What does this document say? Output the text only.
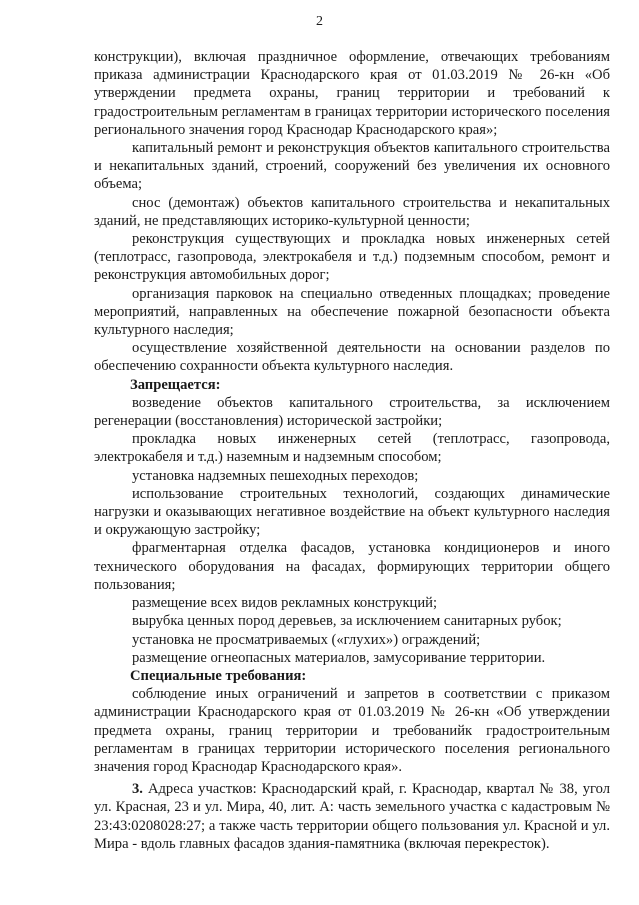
2

конструкции), включая праздничное оформление, отвечающих требованиям приказа администрации Краснодарского края от 01.03.2019 № 26-кн «Об утверждении предмета охраны, границ территории и требований к градостроительным регламентам в границах территории исторического поселения регионального значения город Краснодар Краснодарского края»;

капитальный ремонт и реконструкция объектов капитального строительства и некапитальных зданий, строений, сооружений без увеличения их основного объема;

снос (демонтаж) объектов капитального строительства и некапитальных зданий, не представляющих историко-культурной ценности;

реконструкция существующих и прокладка новых инженерных сетей (теплотрасс, газопровода, электрокабеля и т.д.) подземным способом, ремонт и реконструкция автомобильных дорог;

организация парковок на специально отведенных площадках; проведение мероприятий, направленных на обеспечение пожарной безопасности объекта культурного наследия;

осуществление хозяйственной деятельности на основании разделов по обеспечению сохранности объекта культурного наследия.

Запрещается:

возведение объектов капитального строительства, за исключением регенерации (восстановления) исторической застройки;

прокладка новых инженерных сетей (теплотрасс, газопровода, электрокабеля и т.д.) наземным и надземным способом;

установка надземных пешеходных переходов;

использование строительных технологий, создающих динамические нагрузки и оказывающих негативное воздействие на объект культурного наследия и окружающую застройку;

фрагментарная отделка фасадов, установка кондиционеров и иного технического оборудования на фасадах, формирующих территории общего пользования;

размещение всех видов рекламных конструкций;

вырубка ценных пород деревьев, за исключением санитарных рубок;

установка не просматриваемых («глухих») ограждений;

размещение огнеопасных материалов, замусоривание территории.

Специальные требования:

соблюдение иных ограничений и запретов в соответствии с приказом администрации Краснодарского края от 01.03.2019 № 26-кн «Об утверждении предмета охраны, границ территории и требованийк градостроительным регламентам в границах территории исторического поселения регионального значения город Краснодар Краснодарского края».

3. Адреса участков: Краснодарский край, г. Краснодар, квартал № 38, угол ул. Красная, 23 и ул. Мира, 40, лит. А: часть земельного участка с кадастровым № 23:43:0208028:27; а также часть территории общего пользования ул. Красной и ул. Мира - вдоль главных фасадов здания-памятника (включая перекресток).
